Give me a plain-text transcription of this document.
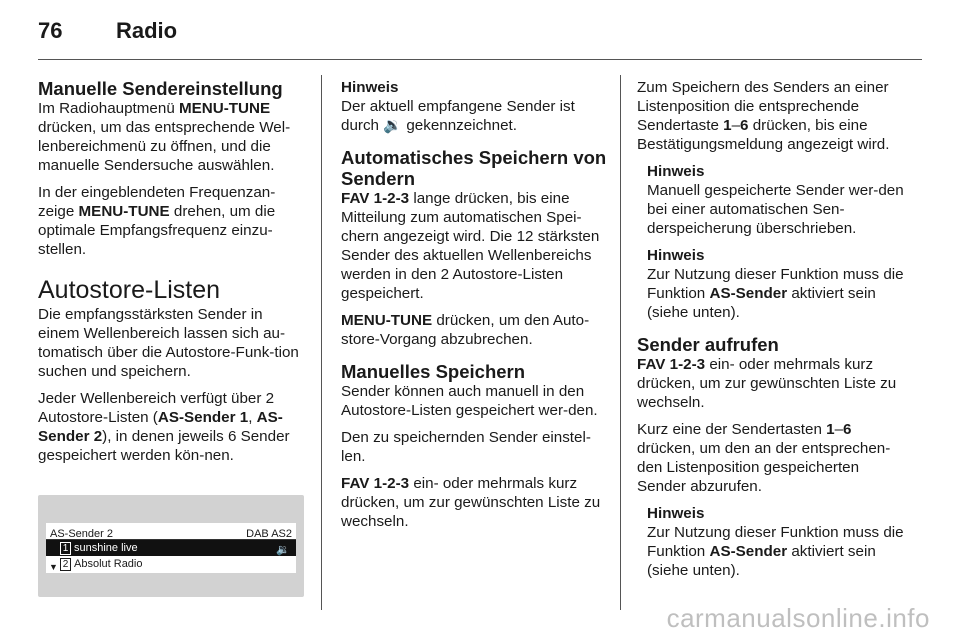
76	Radio
Manuelle Sendereinstellung

Im Radiohauptmenü MENU-TUNE drücken, um das entsprechende Wel-lenbereichmenü zu öffnen, und die manuelle Sendersuche auswählen.

In der eingeblendeten Frequenzan-zeige MENU-TUNE drehen, um die optimale Empfangsfrequenz einzu-stellen.

Autostore-Listen

Die empfangsstärksten Sender in einem Wellenbereich lassen sich au-tomatisch über die Autostore-Funk-tion suchen und speichern.

Jeder Wellenbereich verfügt über 2 Autostore-Listen (AS-Sender 1, AS-Sender 2), in denen jeweils 6 Sender gespeichert werden kön-nen.

AS-Sender 2	DAB AS2
1 sunshine live	🔉
▼ 2 Absolut Radio
Hinweis

Der aktuell empfangene Sender ist durch 🔉 gekennzeichnet.

Automatisches Speichern von Sendern

FAV 1-2-3 lange drücken, bis eine Mitteilung zum automatischen Spei-chern angezeigt wird. Die 12 stärksten Sender des aktuellen Wellenbereichs werden in den 2 Autostore-Listen gespeichert.

MENU-TUNE drücken, um den Auto-store-Vorgang abzubrechen.

Manuelles Speichern

Sender können auch manuell in den Autostore-Listen gespeichert wer-den.

Den zu speichernden Sender einstel-len.

FAV 1-2-3 ein- oder mehrmals kurz drücken, um zur gewünschten Liste zu wechseln.

Zum Speichern des Senders an einer Listenposition die entsprechende Sendertaste 1–6 drücken, bis eine Bestätigungsmeldung angezeigt wird.

Hinweis

Manuell gespeicherte Sender wer-den bei einer automatischen Sen-derspeicherung überschrieben.

Hinweis

Zur Nutzung dieser Funktion muss die Funktion AS-Sender aktiviert sein (siehe unten).

Sender aufrufen

FAV 1-2-3 ein- oder mehrmals kurz drücken, um zur gewünschten Liste zu wechseln.

Kurz eine der Sendertasten 1–6 drücken, um den an der entsprechen-den Listenposition gespeicherten Sender abzurufen.

Hinweis

Zur Nutzung dieser Funktion muss die Funktion AS-Sender aktiviert sein (siehe unten).

carmanualsonline.info
